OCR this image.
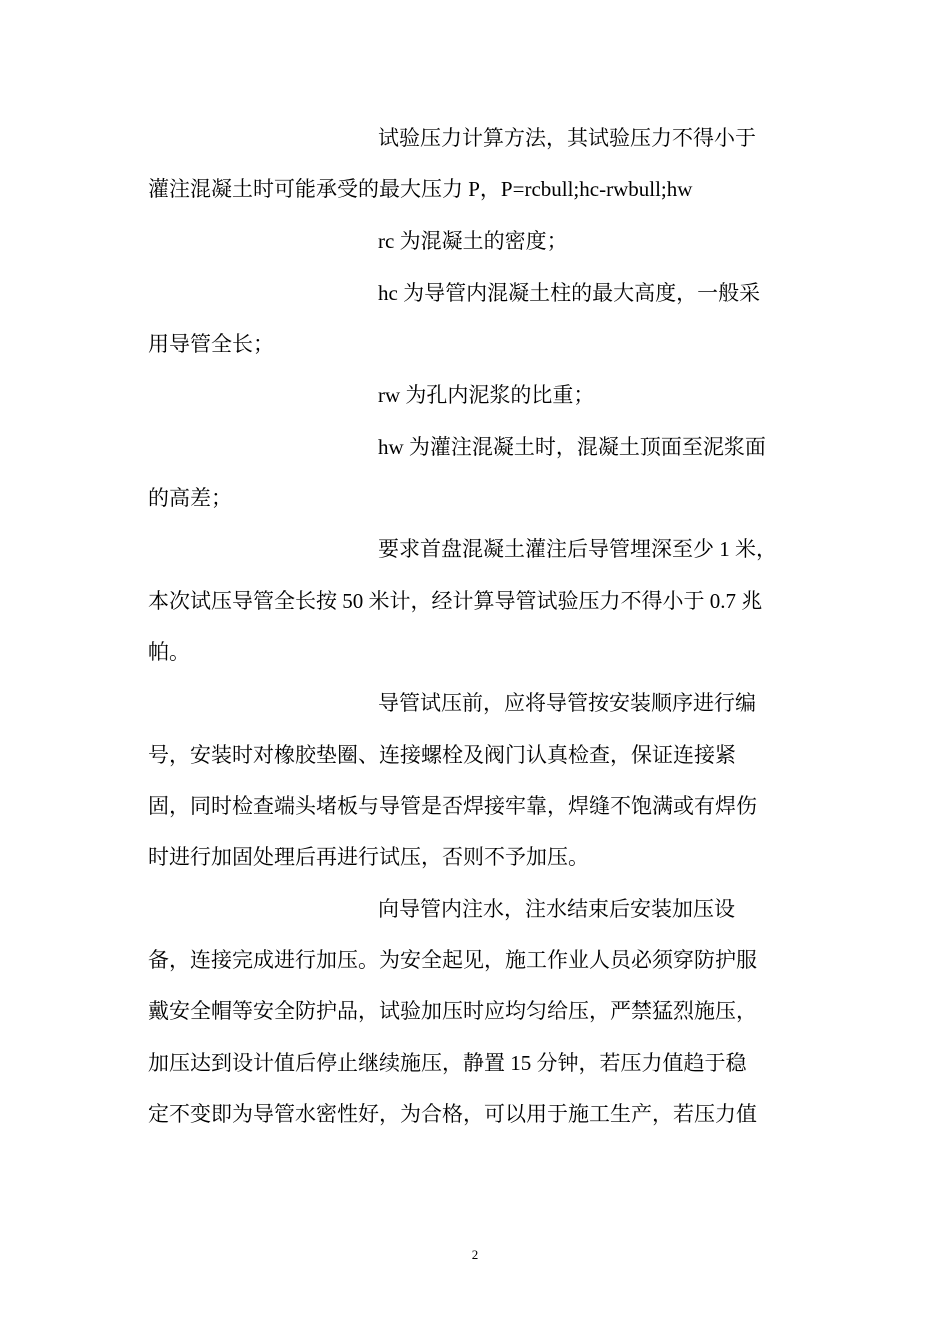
试验压力计算方法，其试验压力不得小于
灌注混凝土时可能承受的最大压力 P，P=rcbull;hc-rwbull;hw
rc 为混凝土的密度；
hc 为导管内混凝土柱的最大高度，一般采
用导管全长；
rw 为孔内泥浆的比重；
hw 为灌注混凝土时，混凝土顶面至泥浆面
的高差；
要求首盘混凝土灌注后导管埋深至少 1 米，
本次试压导管全长按 50 米计，经计算导管试验压力不得小于 0.7 兆
帕。
导管试压前，应将导管按安装顺序进行编
号，安装时对橡胶垫圈、连接螺栓及阀门认真检查，保证连接紧
固，同时检查端头堵板与导管是否焊接牢靠，焊缝不饱满或有焊伤
时进行加固处理后再进行试压，否则不予加压。
向导管内注水，注水结束后安装加压设
备，连接完成进行加压。为安全起见，施工作业人员必须穿防护服
戴安全帽等安全防护品，试验加压时应均匀给压，严禁猛烈施压，
加压达到设计值后停止继续施压，静置 15 分钟，若压力值趋于稳
定不变即为导管水密性好，为合格，可以用于施工生产，若压力值
2
